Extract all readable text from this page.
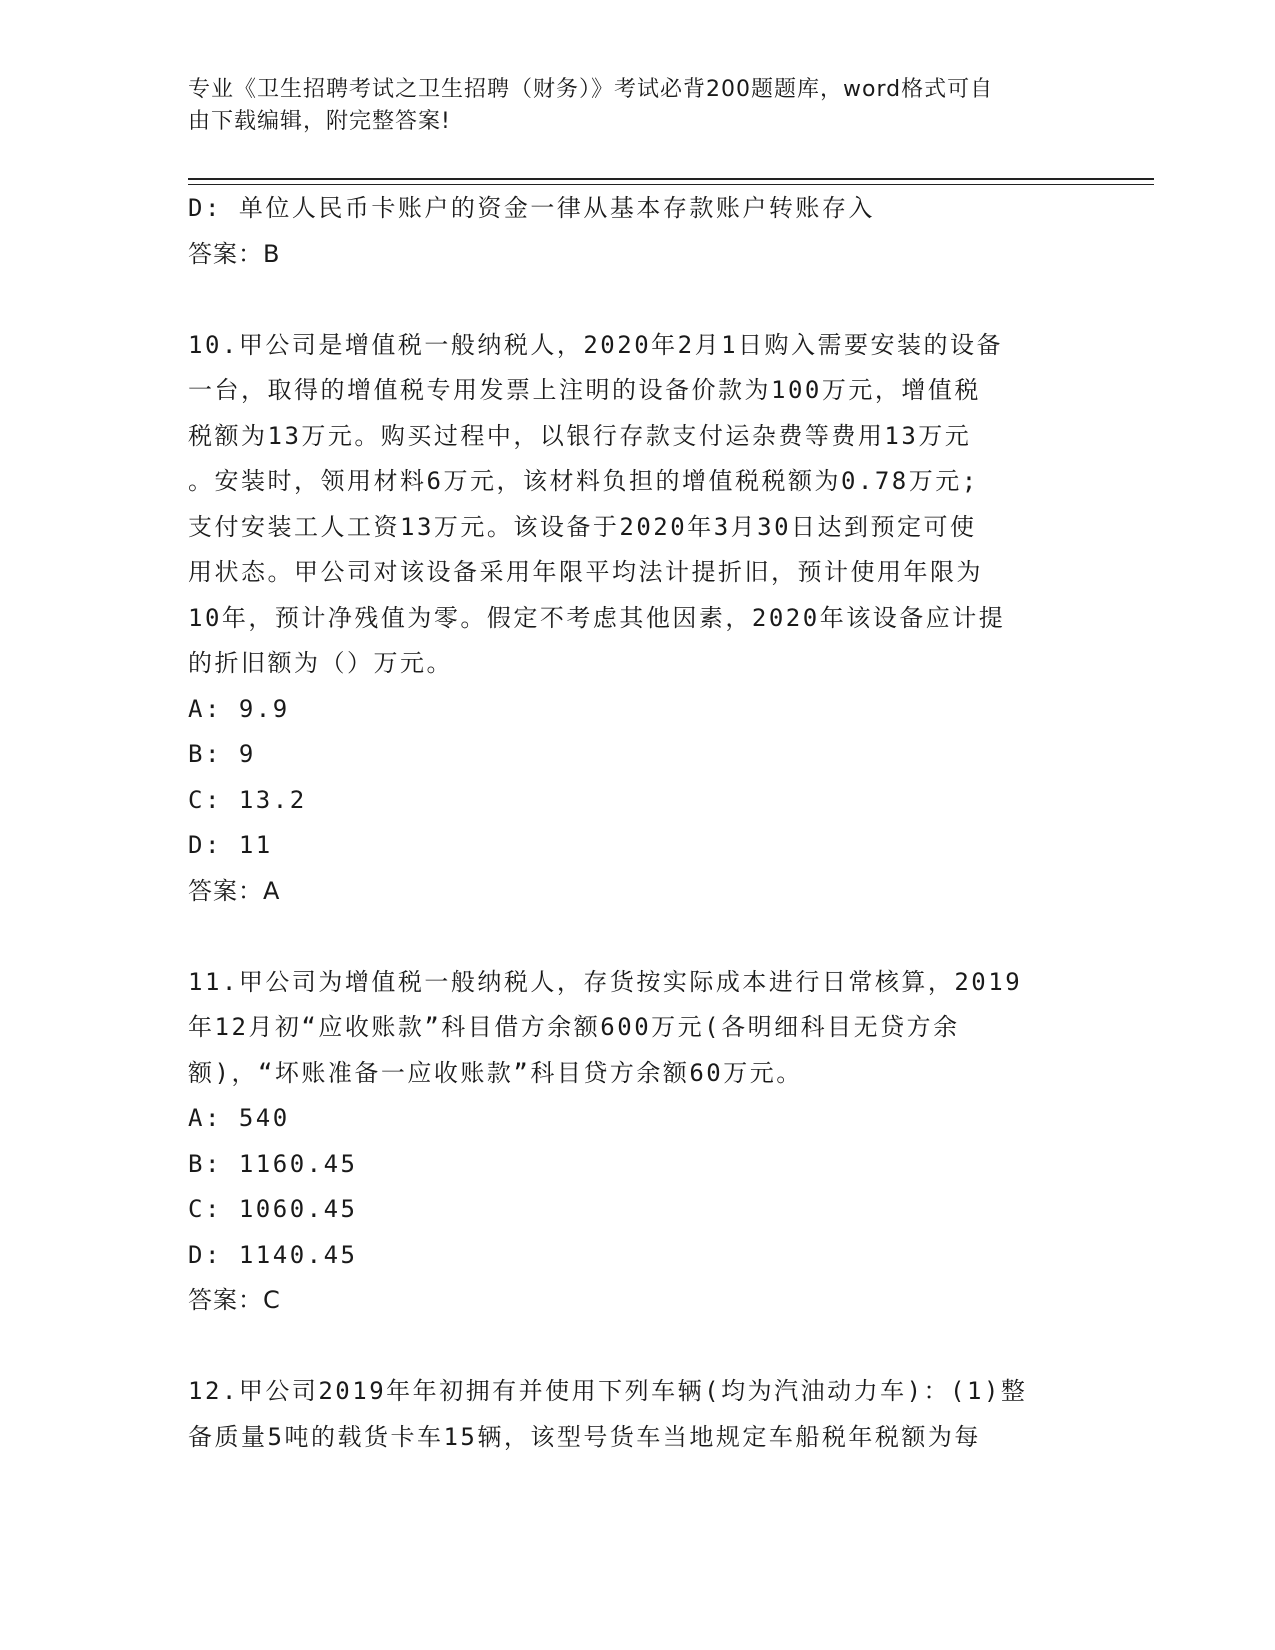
专业《卫生招聘考试之卫生招聘（财务）》考试必背200题题库，word格式可自
由下载编辑，附完整答案!

D: 单位人民币卡账户的资金一律从基本存款账户转账存入

答案：B

10.甲公司是增值税一般纳税人，2020年2月1日购入需要安装的设备

一台，取得的增值税专用发票上注明的设备价款为100万元，增值税

税额为13万元。购买过程中，以银行存款支付运杂费等费用13万元

。安装时，领用材料6万元，该材料负担的增值税税额为0.78万元;

支付安装工人工资13万元。该设备于2020年3月30日达到预定可使

用状态。甲公司对该设备采用年限平均法计提折旧，预计使用年限为

10年，预计净残值为零。假定不考虑其他因素，2020年该设备应计提

的折旧额为（）万元。

A: 9.9

B: 9

C: 13.2

D: 11

答案：A

11.甲公司为增值税一般纳税人，存货按实际成本进行日常核算，2019

年12月初“应收账款”科目借方余额600万元(各明细科目无贷方余

额)，“坏账准备一应收账款”科目贷方余额60万元。

A: 540

B: 1160.45

C: 1060.45

D: 1140.45

答案：C

12.甲公司2019年年初拥有并使用下列车辆(均为汽油动力车)：(1)整

备质量5吨的载货卡车15辆，该型号货车当地规定车船税年税额为每
